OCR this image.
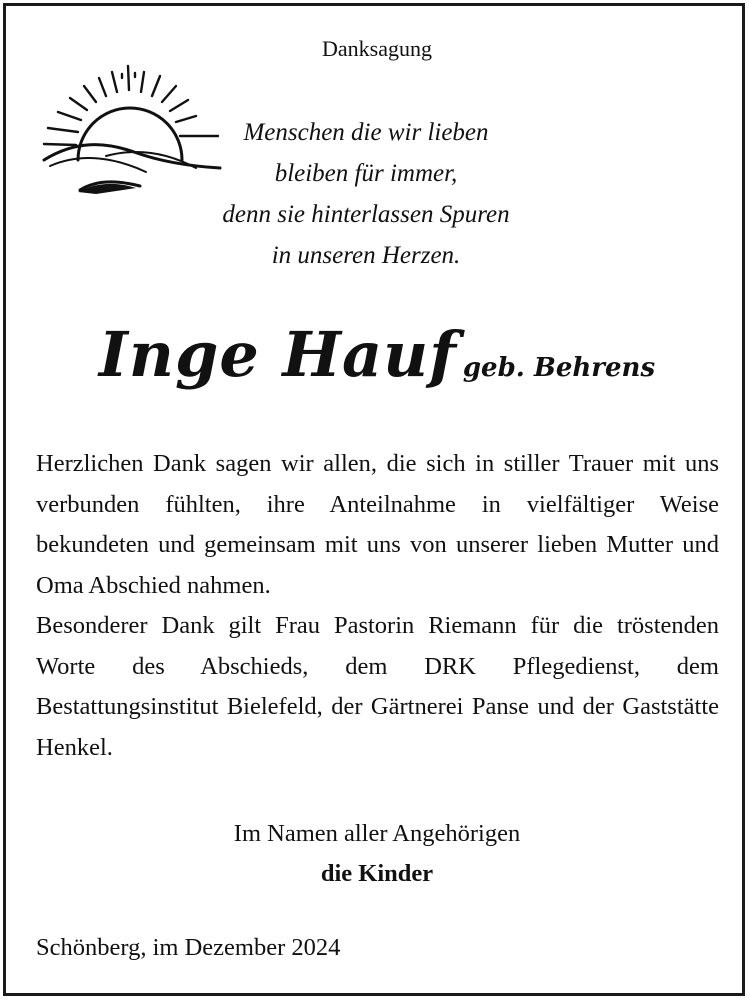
Danksagung
Menschen die wir lieben
bleiben für immer,
denn sie hinterlassen Spuren
in unseren Herzen.
Inge Hauf geb. Behrens

Herzlichen Dank sagen wir allen, die sich in stiller Trauer mit uns verbunden fühlten, ihre Anteilnahme in vielfältiger Weise bekundeten und gemeinsam mit uns von unserer lieben Mutter und Oma Abschied nahmen.

Besonderer Dank gilt Frau Pastorin Riemann für die tröstenden Worte des Abschieds, dem DRK Pflegedienst, dem Bestattungsinstitut Bielefeld, der Gärtnerei Panse und der Gaststätte Henkel.

Im Namen aller Angehörigen
die Kinder
Schönberg, im Dezember 2024
